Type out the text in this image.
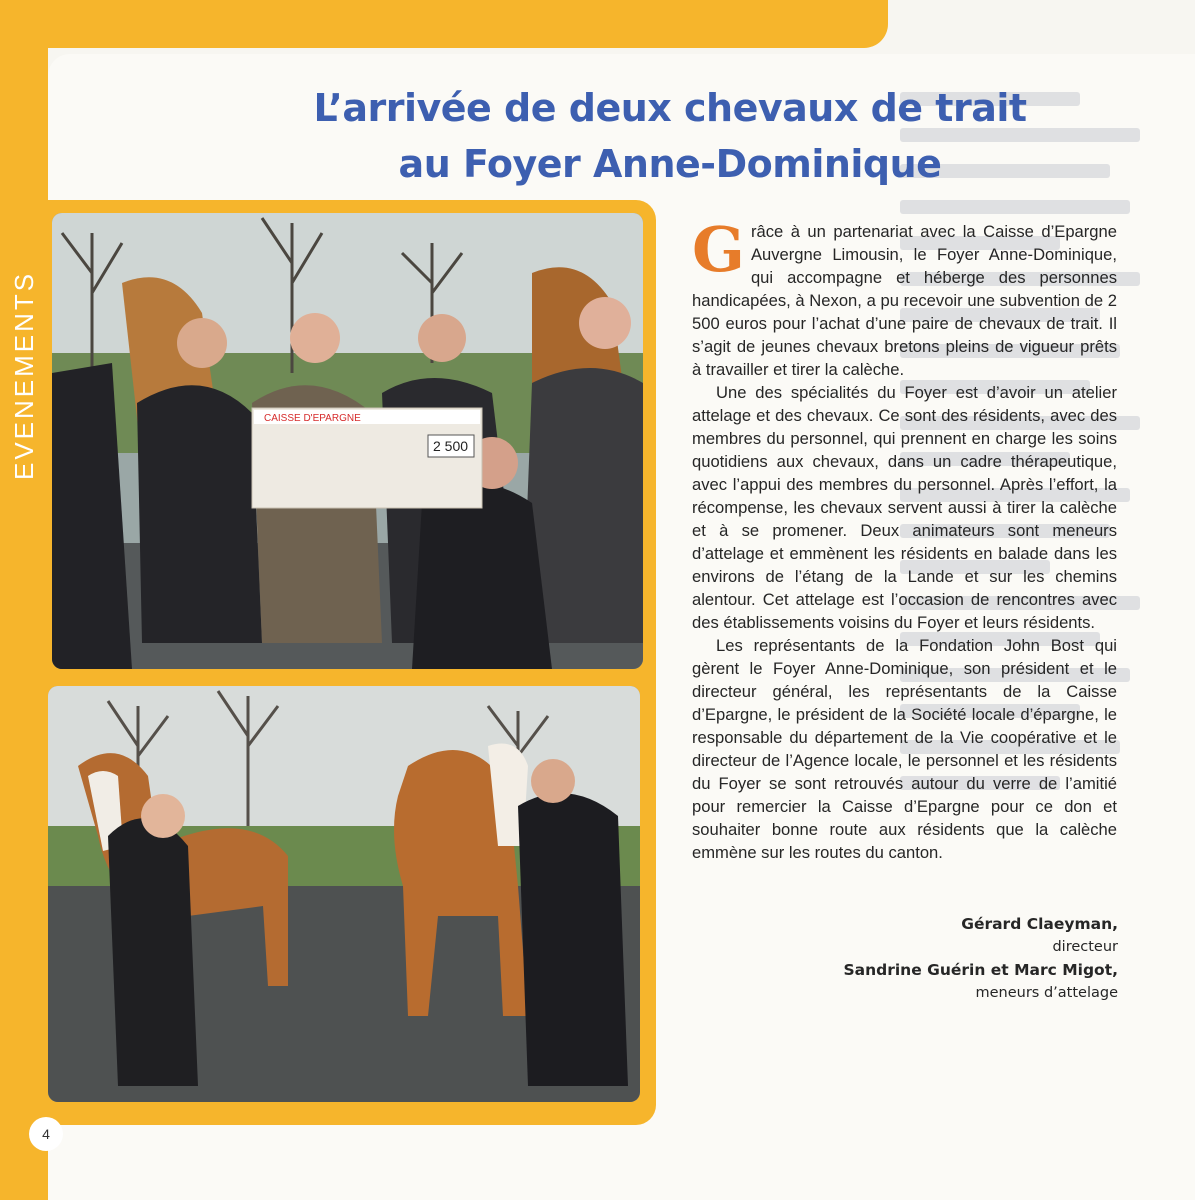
EVENEMENTS
L’arrivée de deux chevaux de trait
au Foyer Anne-Dominique
CAISSE D'EPARGNE
2 500

Grâce à un partenariat avec la Caisse d’Epargne Auvergne Limousin, le Foyer Anne-Dominique, qui accompagne et héberge des personnes handicapées, à Nexon, a pu recevoir une subvention de 2 500 euros pour l’achat d’une paire de chevaux de trait. Il s’agit de jeunes chevaux bretons pleins de vigueur prêts à travailler et tirer la calèche.

Une des spécialités du Foyer est d’avoir un atelier attelage et des chevaux. Ce sont des résidents, avec des membres du personnel, qui prennent en charge les soins quotidiens aux chevaux, dans un cadre thérapeutique, avec l’appui des membres du personnel. Après l’effort, la récompense, les chevaux servent aussi à tirer la calèche et à se promener. Deux animateurs sont meneurs d’attelage et emmènent les résidents en balade dans les environs de l’étang de la Lande et sur les chemins alentour. Cet attelage est l’occasion de rencontres avec des établissements voisins du Foyer et leurs résidents.

Les représentants de la Fondation John Bost qui gèrent le Foyer Anne-Dominique, son président et le directeur général, les représentants de la Caisse d’Epargne, le président de la Société locale d’épargne, le responsable du département de la Vie coopérative et le directeur de l’Agence locale, le personnel et les résidents du Foyer se sont retrouvés autour du verre de l’amitié pour remercier la Caisse d’Epargne pour ce don et souhaiter bonne route aux résidents que la calèche emmène sur les routes du canton.

Gérard Claeyman,
directeur
Sandrine Guérin et Marc Migot,
meneurs d’attelage
4
